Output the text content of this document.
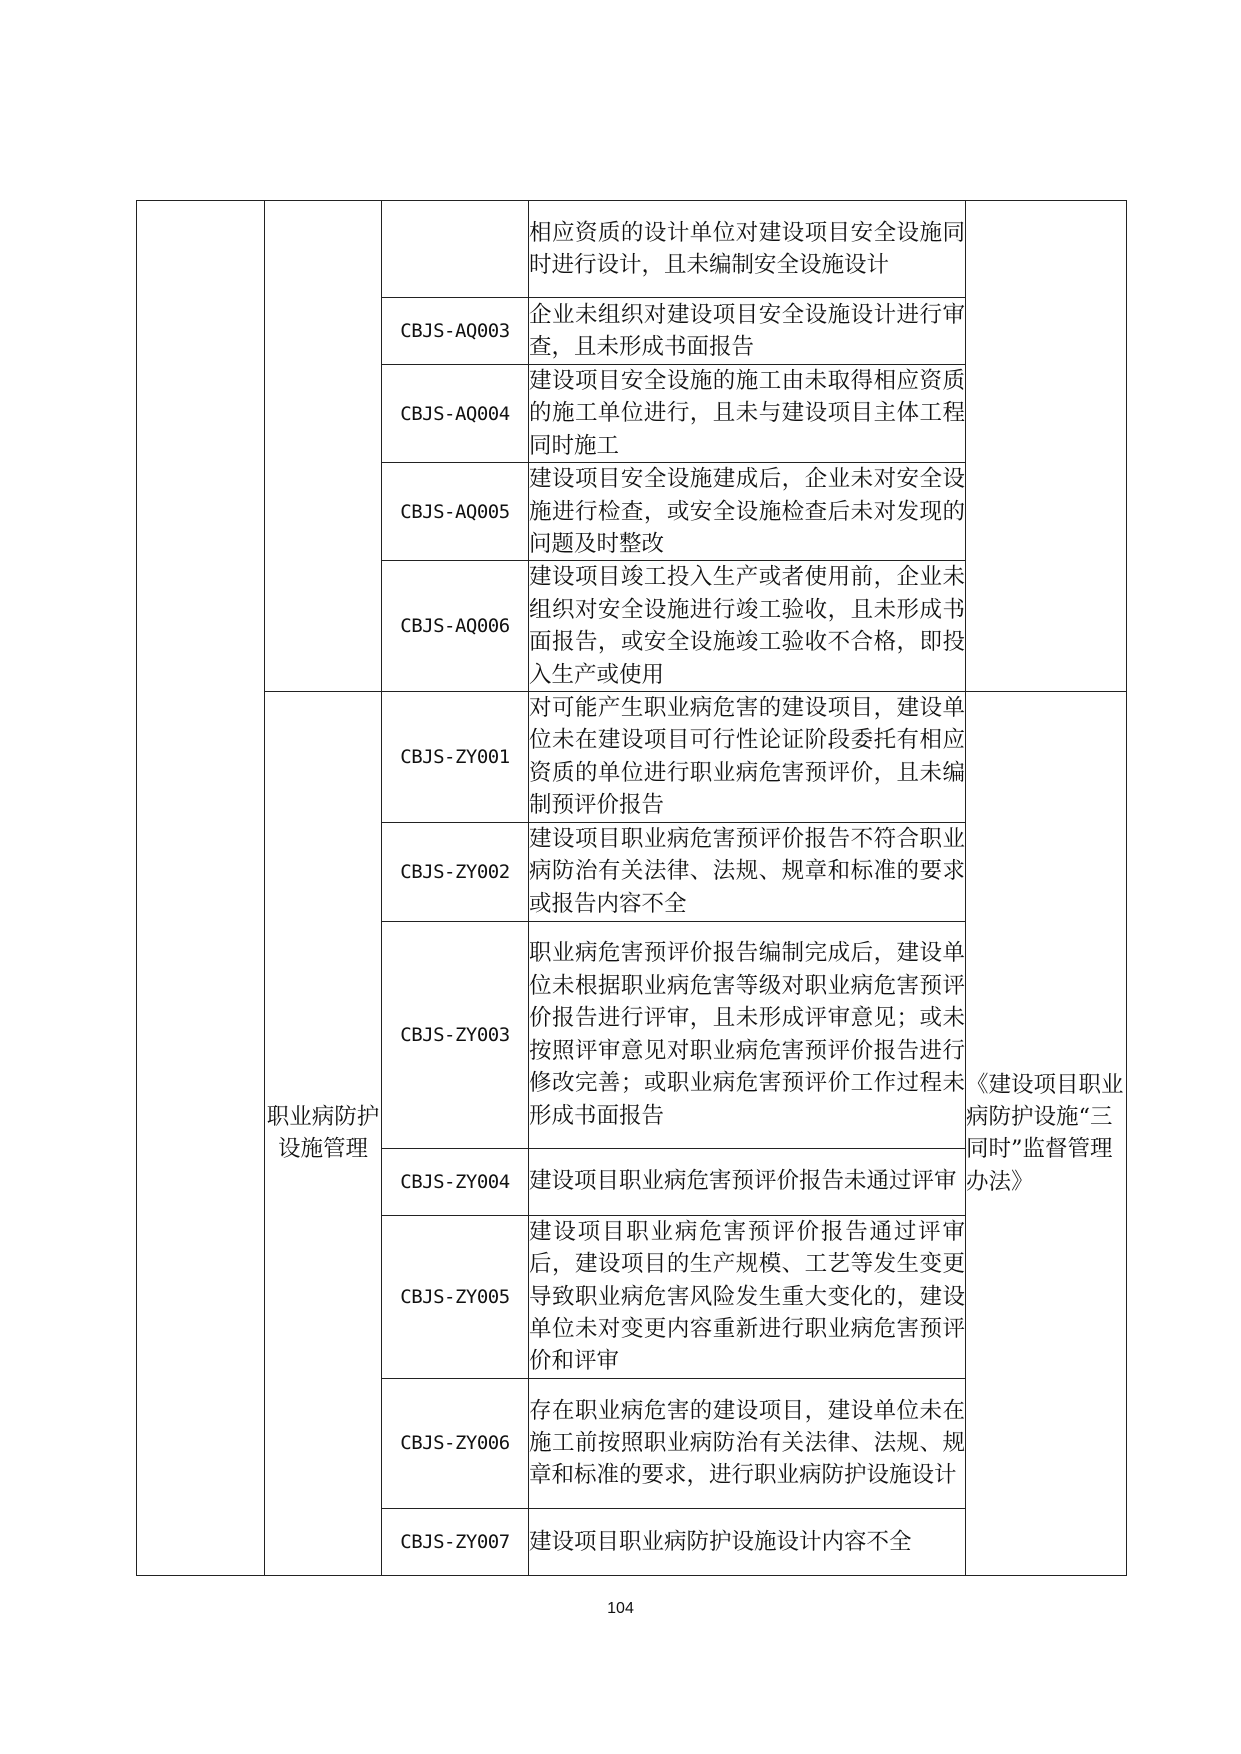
			相应资质的设计单位对建设项目安全设施同时进行设计，且未编制安全设施设计	
		CBJS-AQ003	企业未组织对建设项目安全设施设计进行审查，且未形成书面报告	
		CBJS-AQ004	建设项目安全设施的施工由未取得相应资质的施工单位进行，且未与建设项目主体工程同时施工	
		CBJS-AQ005	建设项目安全设施建成后，企业未对安全设施进行检查，或安全设施检查后未对发现的问题及时整改	
		CBJS-AQ006	建设项目竣工投入生产或者使用前，企业未组织对安全设施进行竣工验收，且未形成书面报告，或安全设施竣工验收不合格，即投入生产或使用	
	职业病防护设施管理	CBJS-ZY001	对可能产生职业病危害的建设项目，建设单位未在建设项目可行性论证阶段委托有相应资质的单位进行职业病危害预评价，且未编制预评价报告	《建设项目职业病防护设施“三同时”监督管理办法》
		CBJS-ZY002	建设项目职业病危害预评价报告不符合职业病防治有关法律、法规、规章和标准的要求或报告内容不全	
		CBJS-ZY003	职业病危害预评价报告编制完成后，建设单位未根据职业病危害等级对职业病危害预评价报告进行评审，且未形成评审意见；或未按照评审意见对职业病危害预评价报告进行修改完善；或职业病危害预评价工作过程未形成书面报告	
		CBJS-ZY004	建设项目职业病危害预评价报告未通过评审	
		CBJS-ZY005	建设项目职业病危害预评价报告通过评审后，建设项目的生产规模、工艺等发生变更导致职业病危害风险发生重大变化的，建设单位未对变更内容重新进行职业病危害预评价和评审	
		CBJS-ZY006	存在职业病危害的建设项目，建设单位未在施工前按照职业病防治有关法律、法规、规章和标准的要求，进行职业病防护设施设计	
		CBJS-ZY007	建设项目职业病防护设施设计内容不全	
104
